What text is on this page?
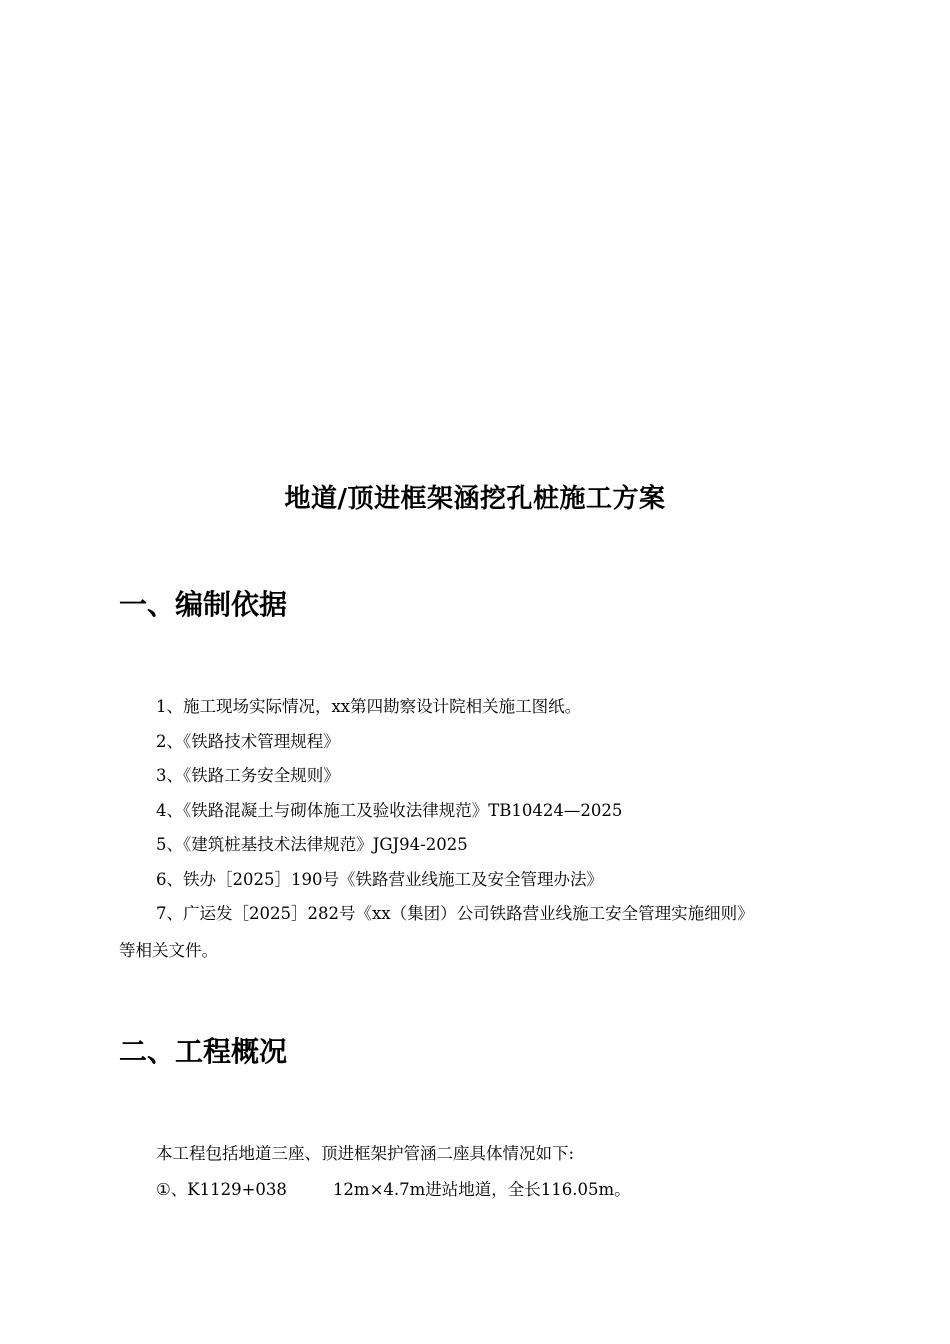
地道/顶进框架涵挖孔桩施工方案
一、编制依据
1、施工现场实际情况，xx第四勘察设计院相关施工图纸。
2、《铁路技术管理规程》
3、《铁路工务安全规则》
4、《铁路混凝土与砌体施工及验收法律规范》TB10424—2025
5、《建筑桩基技术法律规范》JGJ94-2025
6、铁办［2025］190号《铁路营业线施工及安全管理办法》
7、广运发［2025］282号《xx（集团）公司铁路营业线施工安全管理实施细则》
等相关文件。
二、工程概况
本工程包括地道三座、顶进框架护管涵二座具体情况如下:
①、K1129+038	12m×4.7m进站地道，全长116.05m。
